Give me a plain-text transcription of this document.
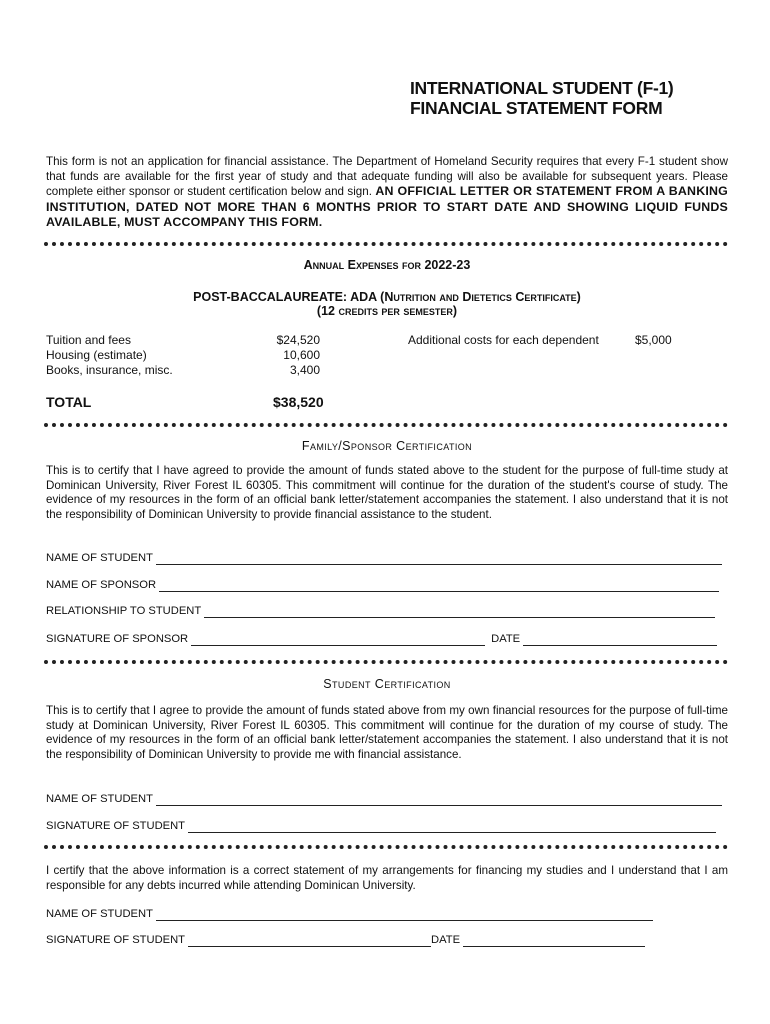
INTERNATIONAL STUDENT (F-1)
FINANCIAL STATEMENT FORM
This form is not an application for financial assistance. The Department of Homeland Security requires that every F-1 student show that funds are available for the first year of study and that adequate funding will also be available for subsequent years. Please complete either sponsor or student certification below and sign. AN OFFICIAL LETTER OR STATEMENT FROM A BANKING INSTITUTION, DATED NOT MORE THAN 6 MONTHS PRIOR TO START DATE AND SHOWING LIQUID FUNDS AVAILABLE, MUST ACCOMPANY THIS FORM.
Annual Expenses for 2022-23
POST-BACCALAUREATE: ADA (Nutrition and Dietetics Certificate)
(12 credits per semester)
Tuition and fees	$24,520
Housing (estimate)	10,600
Books, insurance, misc.	3,400
Additional costs for each dependent	$5,000
TOTAL	$38,520
Family/Sponsor Certification
This is to certify that I have agreed to provide the amount of funds stated above to the student for the purpose of full-time study at Dominican University, River Forest IL 60305. This commitment will continue for the duration of the student's course of study. The evidence of my resources in the form of an official bank letter/statement accompanies the statement. I also understand that it is not the responsibility of Dominican University to provide financial assistance to the student.
NAME OF STUDENT
NAME OF SPONSOR
RELATIONSHIP TO STUDENT
SIGNATURE OF SPONSOR	DATE
Student Certification
This is to certify that I agree to provide the amount of funds stated above from my own financial resources for the purpose of full-time study at Dominican University, River Forest IL 60305. This commitment will continue for the duration of my course of study. The evidence of my resources in the form of an official bank letter/statement accompanies the statement. I also understand that it is not the responsibility of Dominican University to provide me with financial assistance.
NAME OF STUDENT
SIGNATURE OF STUDENT
I certify that the above information is a correct statement of my arrangements for financing my studies and I understand that I am responsible for any debts incurred while attending Dominican University.
NAME OF STUDENT
SIGNATURE OF STUDENT	DATE
